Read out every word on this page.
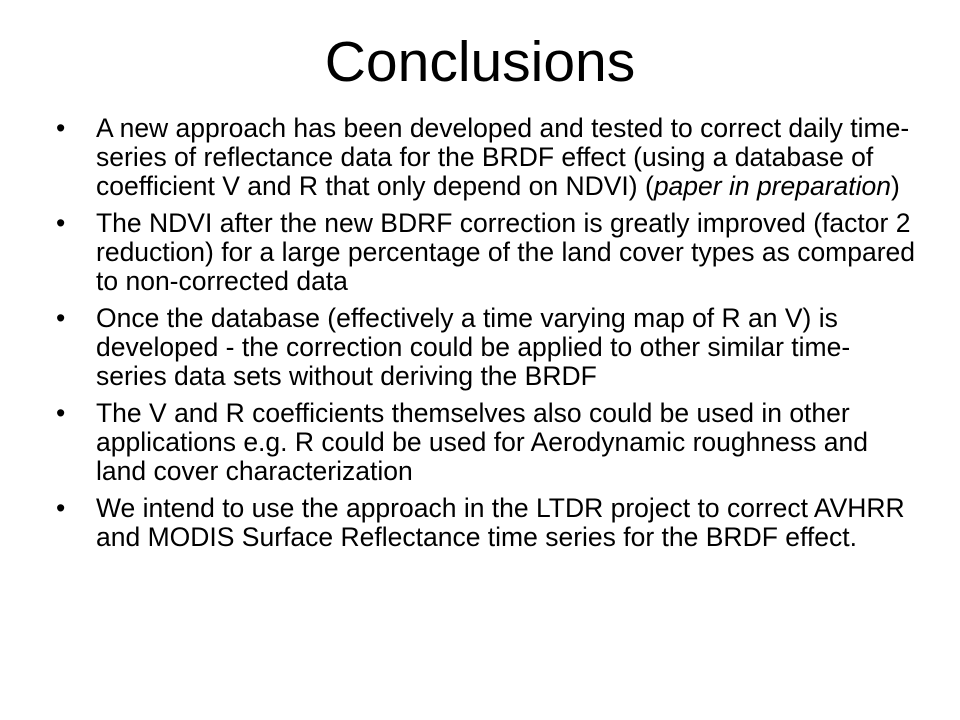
Conclusions
•	A new approach has been developed and tested to correct daily time-series of reflectance data for the BRDF effect (using a database of coefficient V and R that only depend on NDVI) (paper in preparation)
•	The NDVI after the new BDRF correction is greatly improved (factor 2 reduction) for a large percentage of the land cover types as compared to non-corrected data
•	Once the database (effectively a time varying map of R an V) is developed - the correction could be applied to other similar time-series data sets without deriving the BRDF
•	The V and R coefficients themselves also could be used in other applications e.g. R could be used for Aerodynamic roughness and land cover characterization
•	We intend to use the approach in the LTDR project to correct AVHRR and MODIS Surface Reflectance time series for the BRDF effect.
